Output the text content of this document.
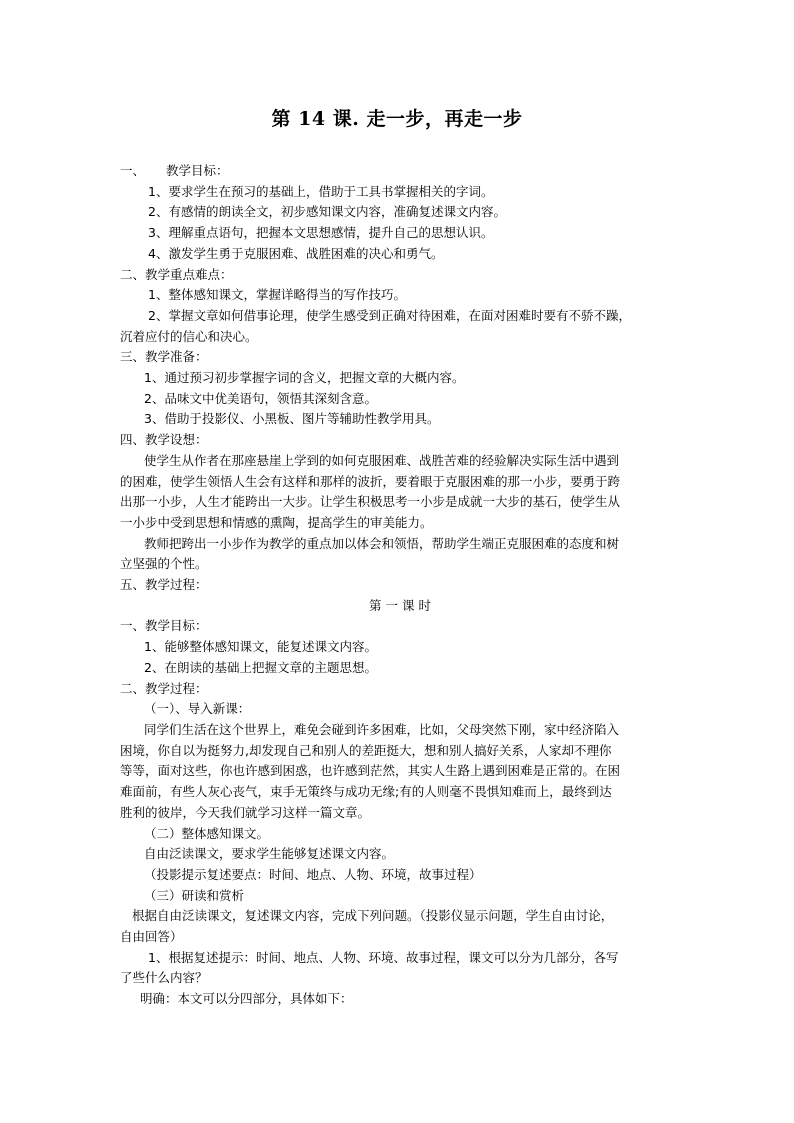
第 14 课. 走一步，再走一步
一、 教学目标：
1、要求学生在预习的基础上，借助于工具书掌握相关的字词。
2、有感情的朗读全文，初步感知课文内容，准确复述课文内容。
3、理解重点语句，把握本文思想感情，提升自己的思想认识。
4、激发学生勇于克服困难、战胜困难的决心和勇气。
二、教学重点难点：
1、整体感知课文，掌握详略得当的写作技巧。
2、掌握文章如何借事论理，使学生感受到正确对待困难，在面对困难时要有不骄不躁，
沉着应付的信心和决心。
三、教学准备：
1、通过预习初步掌握字词的含义，把握文章的大概内容。
2、品味文中优美语句，领悟其深刻含意。
3、借助于投影仪、小黑板、图片等辅助性教学用具。
四、教学设想：
使学生从作者在那座悬崖上学到的如何克服困难、战胜苦难的经验解决实际生活中遇到
的困难，使学生领悟人生会有这样和那样的波折，要着眼于克服困难的那一小步，要勇于跨
出那一小步，人生才能跨出一大步。让学生积极思考一小步是成就一大步的基石，使学生从
一小步中受到思想和情感的熏陶，提高学生的审美能力。
教师把跨出一小步作为教学的重点加以体会和领悟，帮助学生端正克服困难的态度和树
立坚强的个性。
五、教学过程：
第 一 课 时
一、教学目标：
1、能够整体感知课文，能复述课文内容。
2、在朗读的基础上把握文章的主题思想。
二、教学过程：
（一）、导入新课：
同学们生活在这个世界上，难免会碰到许多困难，比如，父母突然下刚，家中经济陷入
困境，你自以为挺努力,却发现自己和别人的差距挺大，想和别人搞好关系，人家却不理你
等等，面对这些，你也许感到困惑，也许感到茫然，其实人生路上遇到困难是正常的。在困
难面前，有些人灰心丧气，束手无策终与成功无缘;有的人则毫不畏惧知难而上，最终到达
胜利的彼岸，今天我们就学习这样一篇文章。
（二）整体感知课文。
自由泛读课文，要求学生能够复述课文内容。
（投影提示复述要点：时间、地点、人物、环境，故事过程）
（三）研读和赏析
根据自由泛读课文，复述课文内容，完成下列问题。（投影仪显示问题，学生自由讨论，
自由回答）
1、根据复述提示：时间、地点、人物、环境、故事过程，课文可以分为几部分，各写
了些什么内容？
明确：本文可以分四部分，具体如下：
